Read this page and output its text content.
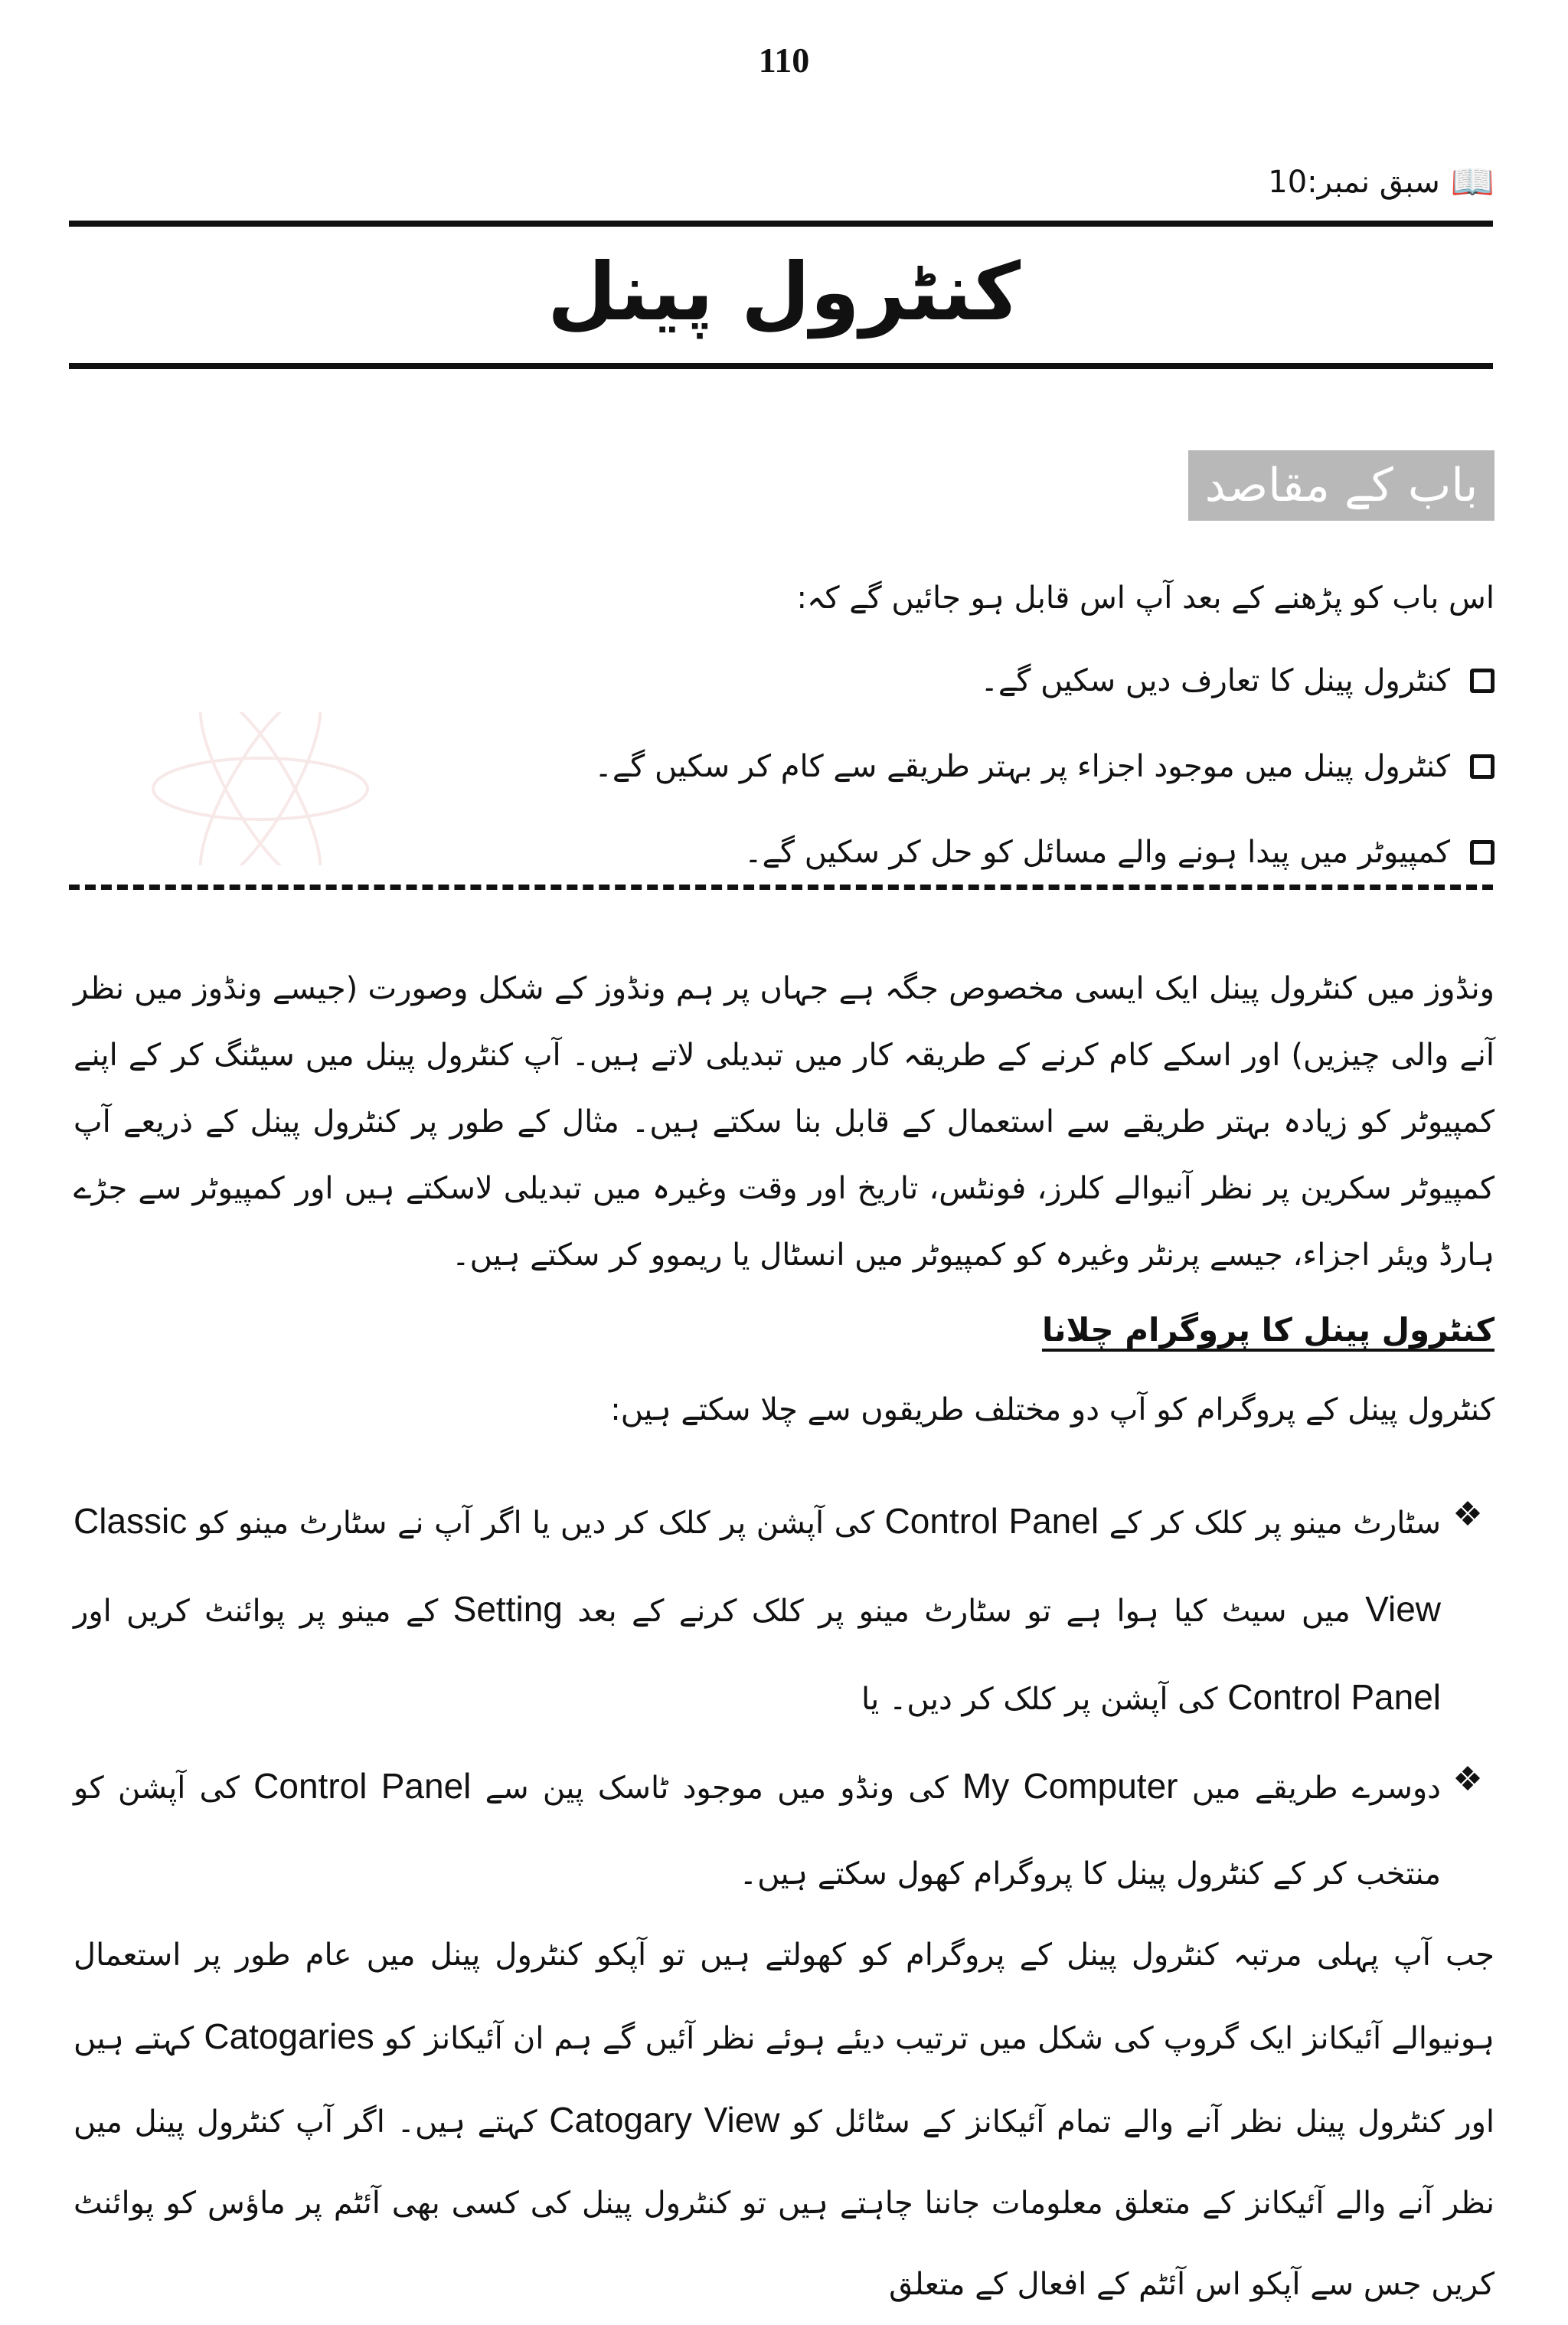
110
📖
سبق نمبر:10
کنٹرول پینل
باب کے مقاصد
اس باب کو پڑھنے کے بعد آپ اس قابل ہو جائیں گے کہ:
کنٹرول پینل کا تعارف دیں سکیں گے۔
کنٹرول پینل میں موجود اجزاء پر بہتر طریقے سے کام کر سکیں گے۔
کمپیوٹر میں پیدا ہونے والے مسائل کو حل کر سکیں گے۔
ونڈوز میں کنٹرول پینل ایک ایسی مخصوص جگہ ہے جہاں پر ہم ونڈوز کے شکل وصورت (جیسے ونڈوز میں نظر آنے والی چیزیں) اور اسکے کام کرنے کے طریقہ کار میں تبدیلی لاتے ہیں۔ آپ کنٹرول پینل میں سیٹنگ کر کے اپنے کمپیوٹر کو زیادہ بہتر طریقے سے استعمال کے قابل بنا سکتے ہیں۔ مثال کے طور پر کنٹرول پینل کے ذریعے آپ کمپیوٹر سکرین پر نظر آنیوالے کلرز، فونٹس، تاریخ اور وقت وغیرہ میں تبدیلی لاسکتے ہیں اور کمپیوٹر سے جڑے ہارڈ ویئر اجزاء، جیسے پرنٹر وغیرہ کو کمپیوٹر میں انسٹال یا ریموو کر سکتے ہیں۔
کنٹرول پینل کا پروگرام چلانا
کنٹرول پینل کے پروگرام کو آپ دو مختلف طریقوں سے چلا سکتے ہیں:
❖
سٹارٹ مینو پر کلک کر کے Control Panel کی آپشن پر کلک کر دیں یا اگر آپ نے سٹارٹ مینو کو Classic View میں سیٹ کیا ہوا ہے تو سٹارٹ مینو پر کلک کرنے کے بعد Setting کے مینو پر پوائنٹ کریں اور Control Panel کی آپشن پر کلک کر دیں۔ یا
❖
دوسرے طریقے میں My Computer کی ونڈو میں موجود ٹاسک پین سے Control Panel کی آپشن کو منتخب کر کے کنٹرول پینل کا پروگرام کھول سکتے ہیں۔
جب آپ پہلی مرتبہ کنٹرول پینل کے پروگرام کو کھولتے ہیں تو آپکو کنٹرول پینل میں عام طور پر استعمال ہونیوالے آئیکانز ایک گروپ کی شکل میں ترتیب دیئے ہوئے نظر آئیں گے ہم ان آئیکانز کو Catogaries کہتے ہیں اور کنٹرول پینل نظر آنے والے تمام آئیکانز کے سٹائل کو Catogary View کہتے ہیں۔ اگر آپ کنٹرول پینل میں نظر آنے والے آئیکانز کے متعلق معلومات جاننا چاہتے ہیں تو کنٹرول پینل کی کسی بھی آئٹم پر ماؤس کو پوائنٹ کریں جس سے آپکو اس آئٹم کے افعال کے متعلق
